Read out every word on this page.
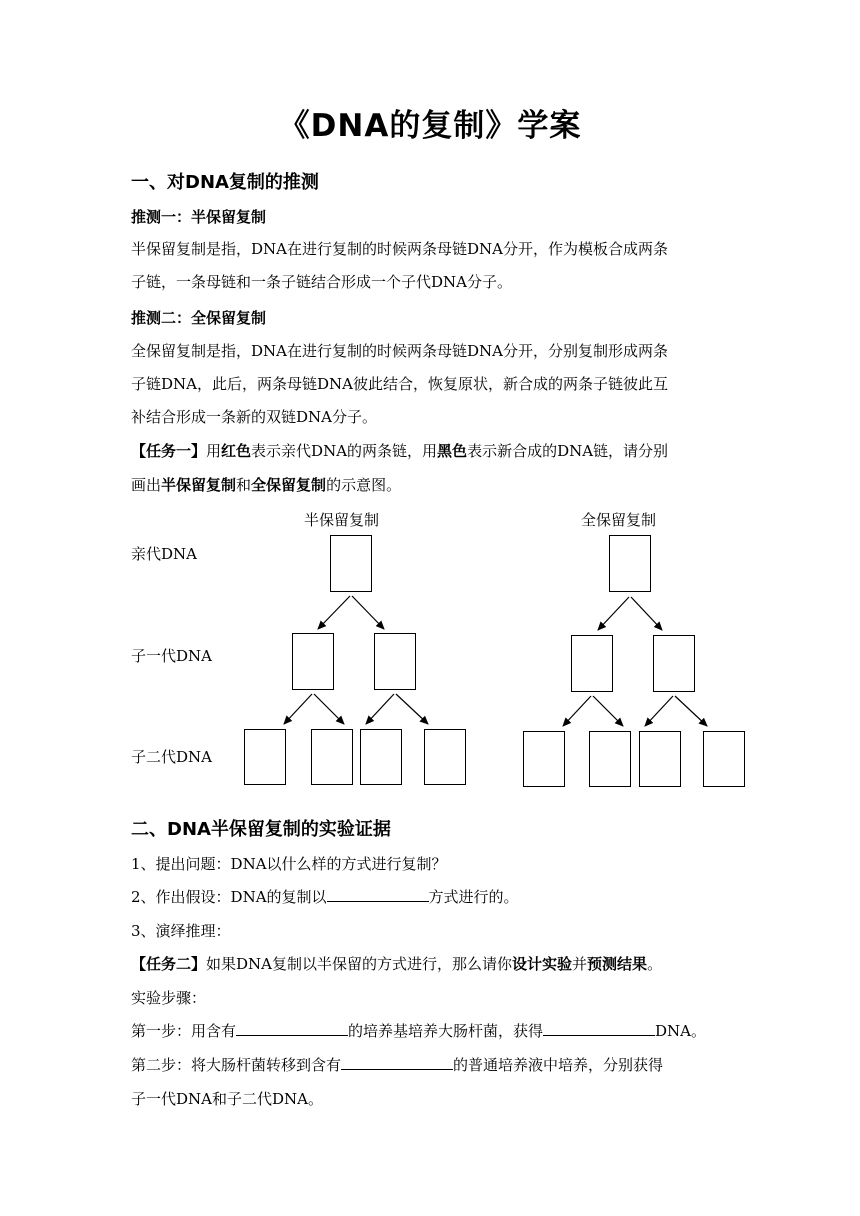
《DNA的复制》学案
一、对DNA复制的推测
推测一：半保留复制
半保留复制是指，DNA在进行复制的时候两条母链DNA分开，作为模板合成两条
子链，一条母链和一条子链结合形成一个子代DNA分子。
推测二：全保留复制
全保留复制是指，DNA在进行复制的时候两条母链DNA分开，分别复制形成两条
子链DNA，此后，两条母链DNA彼此结合，恢复原状，新合成的两条子链彼此互
补结合形成一条新的双链DNA分子。
【任务一】用红色表示亲代DNA的两条链，用黑色表示新合成的DNA链，请分别
画出半保留复制和全保留复制的示意图。
半保留复制	全保留复制
亲代DNA
子一代DNA
子二代DNA
二、DNA半保留复制的实验证据
1、提出问题：DNA以什么样的方式进行复制？
2、作出假设：DNA的复制以	方式进行的。
3、演绎推理：
【任务二】如果DNA复制以半保留的方式进行，那么请你设计实验并预测结果。
实验步骤：
第一步：用含有	的培养基培养大肠杆菌，获得	DNA。
第二步：将大肠杆菌转移到含有	的普通培养液中培养，分别获得
子一代DNA和子二代DNA。
